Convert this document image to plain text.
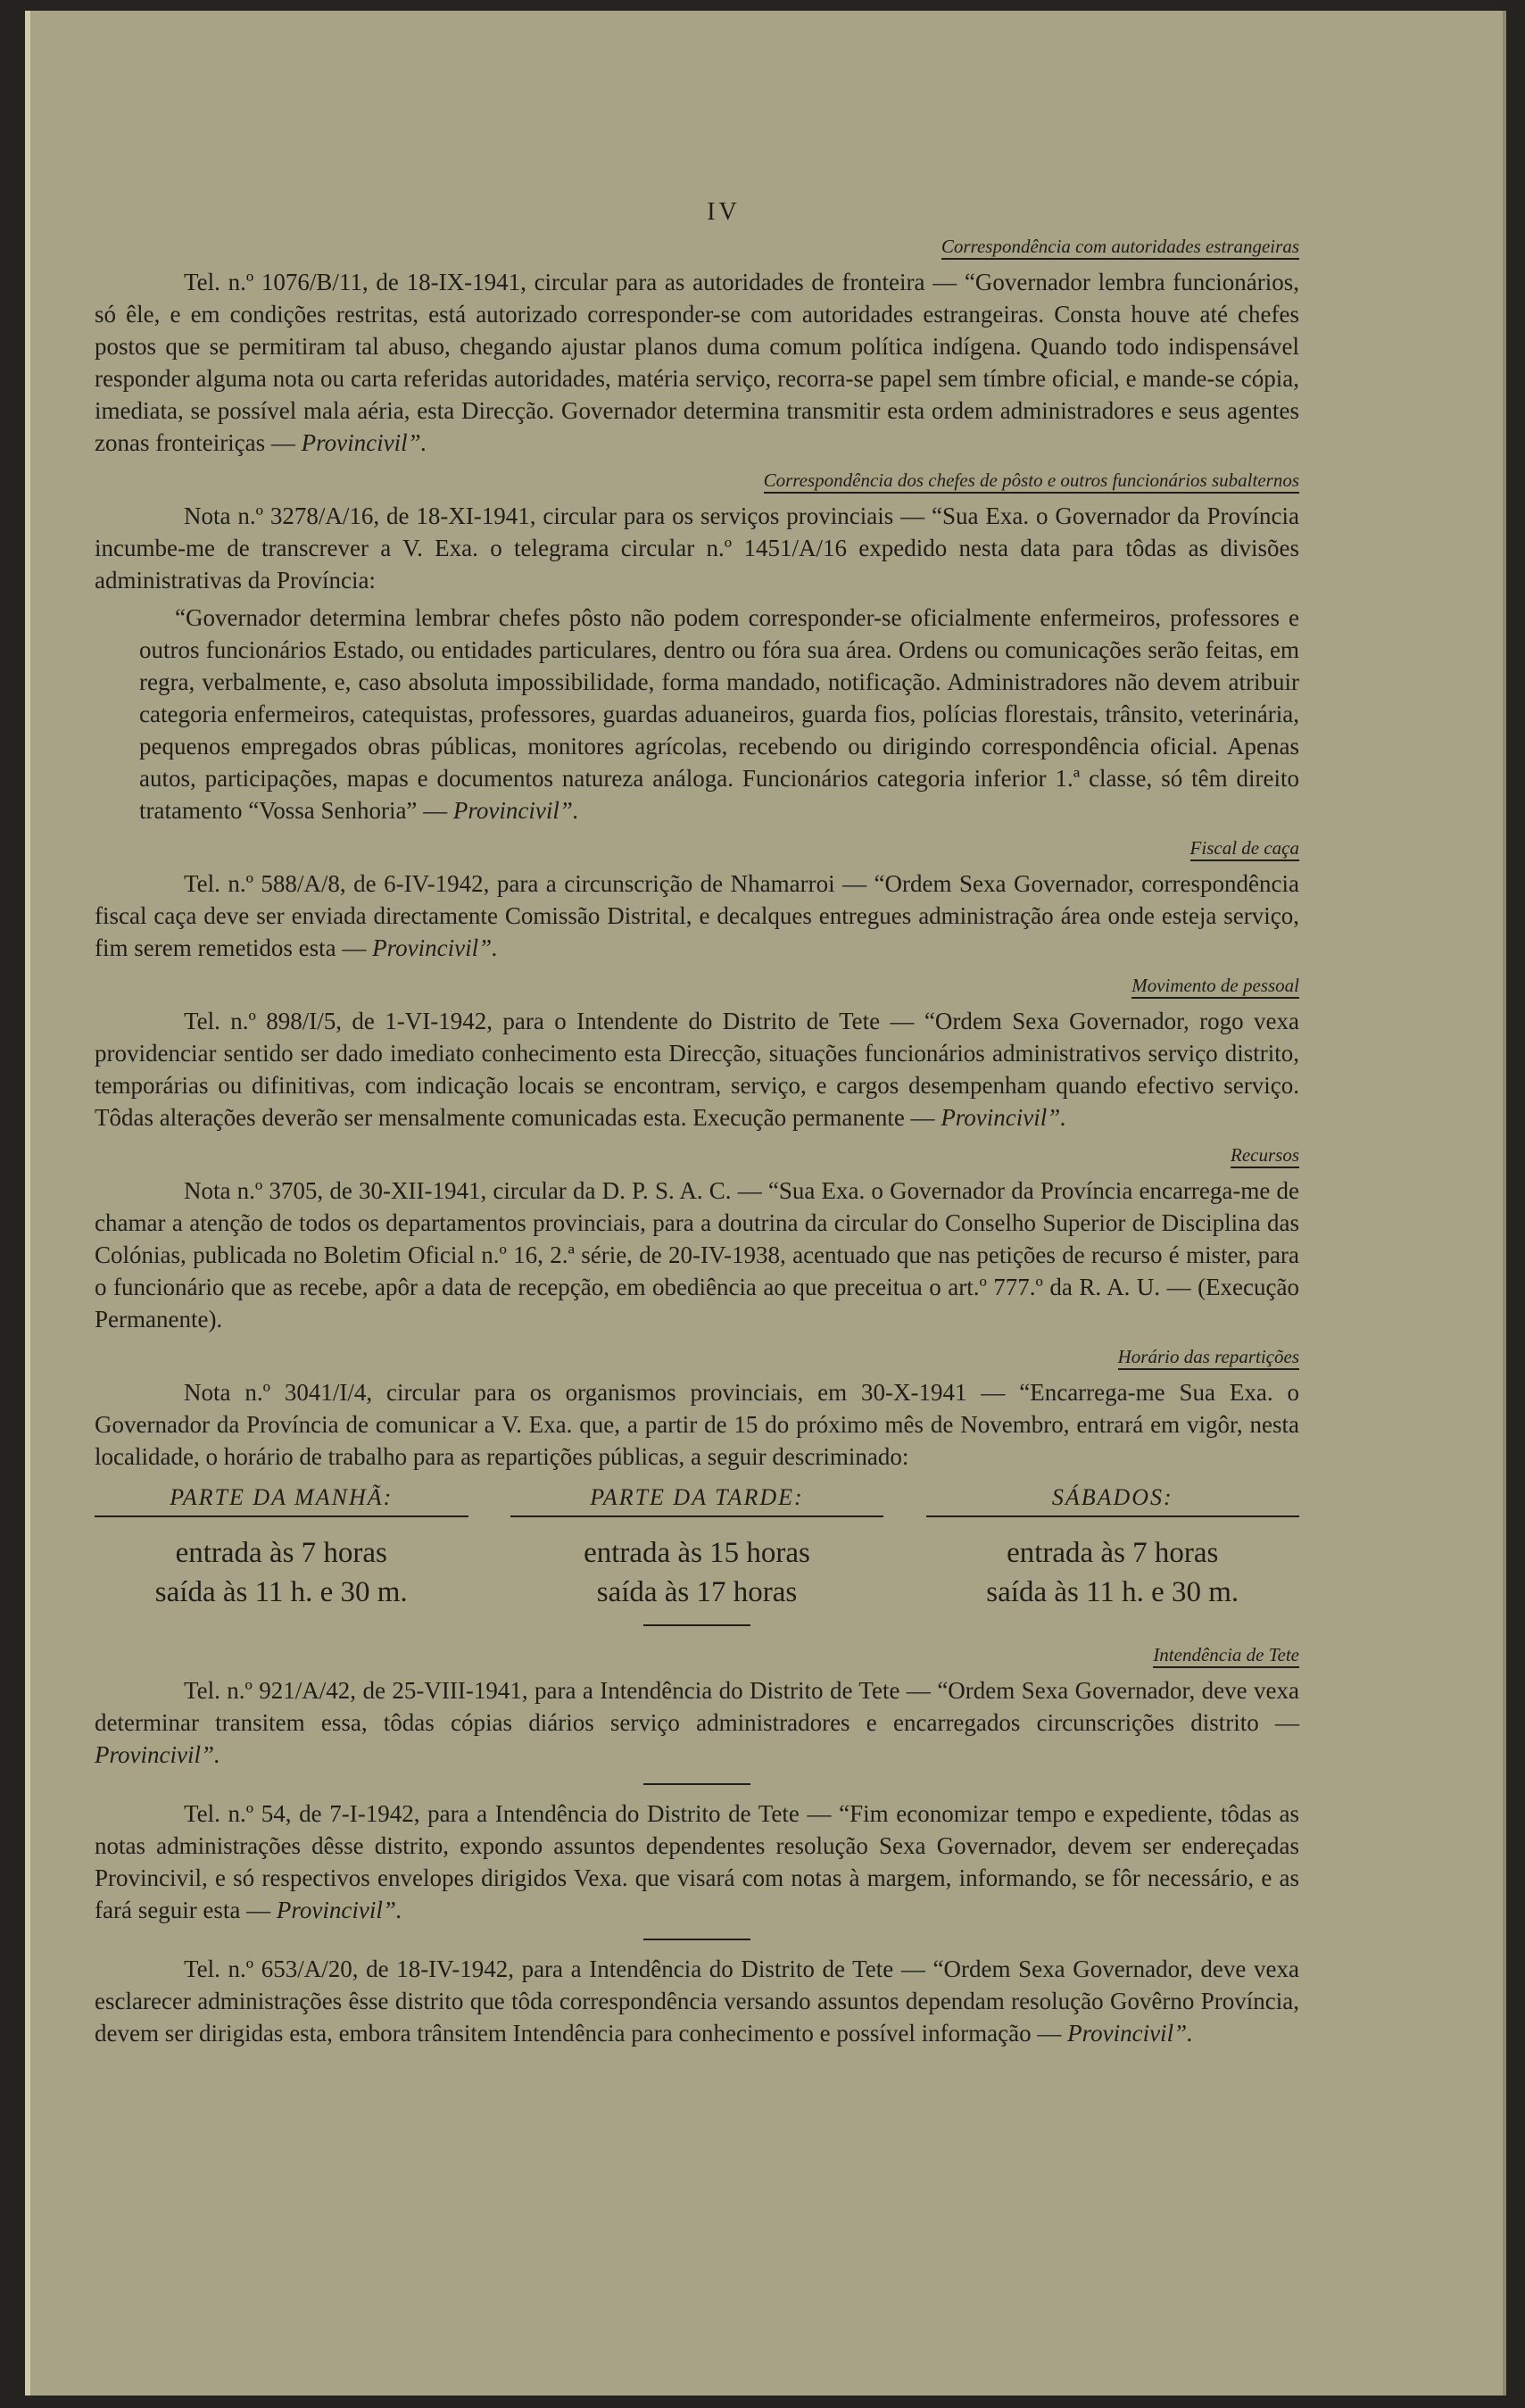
IV
Correspondência com autoridades estrangeiras

Tel. n.º 1076/B/11, de 18-IX-1941, circular para as autoridades de fronteira — “Governador lembra funcionários, só êle, e em condições restritas, está autorizado corresponder-se com autoridades estrangeiras. Consta houve até chefes postos que se permitiram tal abuso, chegando ajustar planos duma comum política indígena. Quando todo indispensável responder alguma nota ou carta referidas autoridades, matéria serviço, recorra-se papel sem tímbre oficial, e mande-se cópia, imediata, se possível mala aéria, esta Direcção. Governador determina transmitir esta ordem administradores e seus agentes zonas fronteiriças — Provincivil”.

Correspondência dos chefes de pôsto e outros funcionários subalternos

Nota n.º 3278/A/16, de 18-XI-1941, circular para os serviços provinciais — “Sua Exa. o Governador da Província incumbe-me de transcrever a V. Exa. o telegrama circular n.º 1451/A/16 expedido nesta data para tôdas as divisões administrativas da Província:

“Governador determina lembrar chefes pôsto não podem corresponder-se oficialmente enfermeiros, professores e outros funcionários Estado, ou entidades particulares, dentro ou fóra sua área. Ordens ou comunicações serão feitas, em regra, verbalmente, e, caso absoluta impossibilidade, forma mandado, notificação. Administradores não devem atribuir categoria enfermeiros, catequistas, professores, guardas aduaneiros, guarda fios, polícias florestais, trânsito, veterinária, pequenos empregados obras públicas, monitores agrícolas, recebendo ou dirigindo correspondência oficial. Apenas autos, participações, mapas e documentos natureza análoga. Funcionários categoria inferior 1.ª classe, só têm direito tratamento “Vossa Senhoria” — Provincivil”.

Fiscal de caça

Tel. n.º 588/A/8, de 6-IV-1942, para a circunscrição de Nhamarroi — “Ordem Sexa Governador, correspondência fiscal caça deve ser enviada directamente Comissão Distrital, e decalques entregues administração área onde esteja serviço, fim serem remetidos esta — Provincivil”.

Movimento de pessoal

Tel. n.º 898/I/5, de 1-VI-1942, para o Intendente do Distrito de Tete — “Ordem Sexa Governador, rogo vexa providenciar sentido ser dado imediato conhecimento esta Direcção, situações funcionários administrativos serviço distrito, temporárias ou difinitivas, com indicação locais se encontram, serviço, e cargos desempenham quando efectivo serviço. Tôdas alterações deverão ser mensalmente comunicadas esta. Execução permanente — Provincivil”.

Recursos

Nota n.º 3705, de 30-XII-1941, circular da D. P. S. A. C. — “Sua Exa. o Governador da Província encarrega-me de chamar a atenção de todos os departamentos provinciais, para a doutrina da circular do Conselho Superior de Disciplina das Colónias, publicada no Boletim Oficial n.º 16, 2.ª série, de 20-IV-1938, acentuado que nas petições de recurso é mister, para o funcionário que as recebe, apôr a data de recepção, em obediência ao que preceitua o art.º 777.º da R. A. U. — (Execução Permanente).

Horário das repartições

Nota n.º 3041/I/4, circular para os organismos provinciais, em 30-X-1941 — “Encarrega-me Sua Exa. o Governador da Província de comunicar a V. Exa. que, a partir de 15 do próximo mês de Novembro, entrará em vigôr, nesta localidade, o horário de trabalho para as repartições públicas, a seguir descriminado:

PARTE DA MANHÃ:
entrada às 7 horas
saída às 11 h. e 30 m.
PARTE DA TARDE:
entrada às 15 horas
saída às 17 horas
SÁBADOS:
entrada às 7 horas
saída às 11 h. e 30 m.
Intendência de Tete

Tel. n.º 921/A/42, de 25-VIII-1941, para a Intendência do Distrito de Tete — “Ordem Sexa Governador, deve vexa determinar transitem essa, tôdas cópias diários serviço administradores e encarregados circunscrições distrito — Provincivil”.

Tel. n.º 54, de 7-I-1942, para a Intendência do Distrito de Tete — “Fim economizar tempo e expediente, tôdas as notas administrações dêsse distrito, expondo assuntos dependentes resolução Sexa Governador, devem ser endereçadas Provincivil, e só respectivos envelopes dirigidos Vexa. que visará com notas à margem, informando, se fôr necessário, e as fará seguir esta — Provincivil”.

Tel. n.º 653/A/20, de 18-IV-1942, para a Intendência do Distrito de Tete — “Ordem Sexa Governador, deve vexa esclarecer administrações êsse distrito que tôda correspondência versando assuntos dependam resolução Govêrno Província, devem ser dirigidas esta, embora trânsitem Intendência para conhecimento e possível informação — Provincivil”.
